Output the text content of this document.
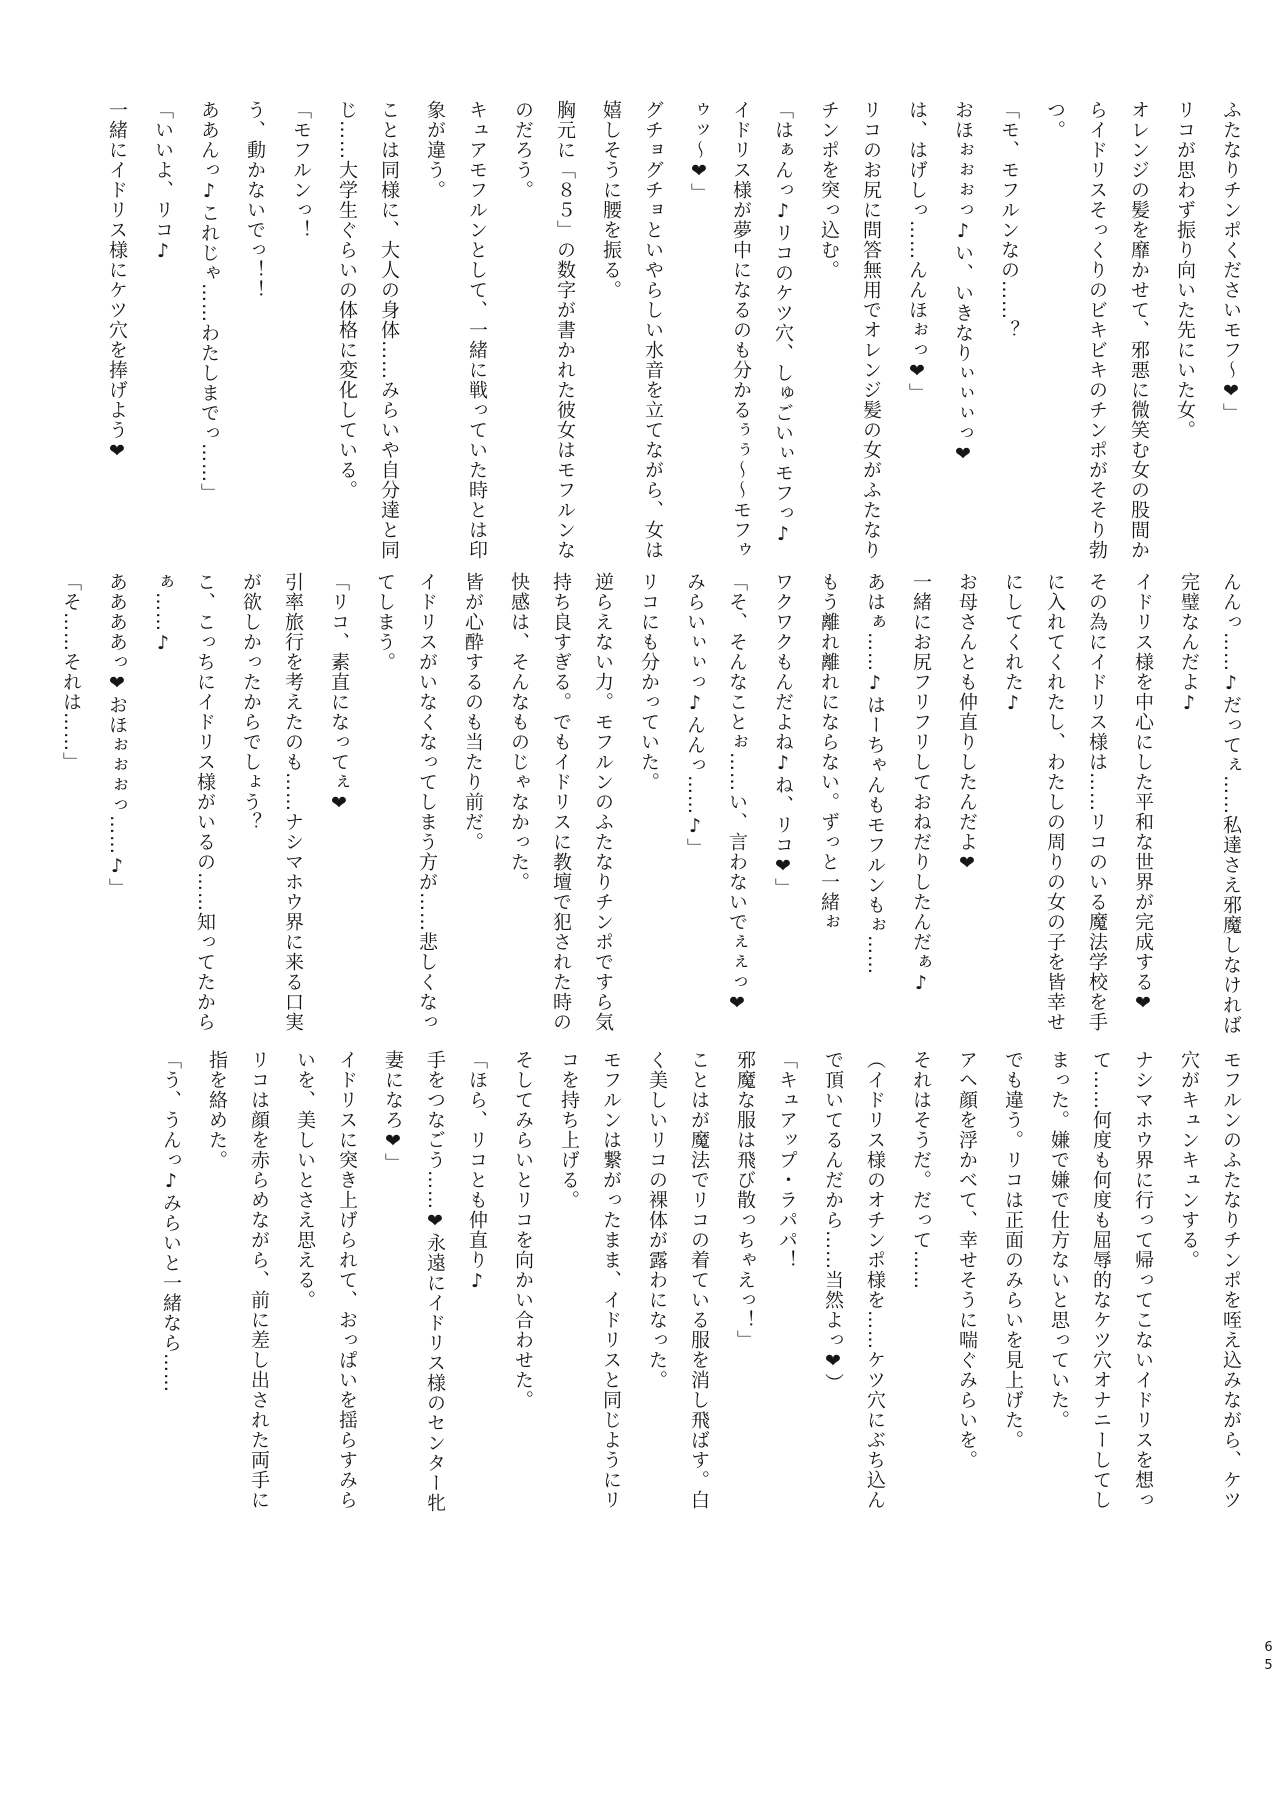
ふたなりチンポくださいモフ～❤」
リコが思わず振り向いた先にいた女。
オレンジの髪を靡かせて、邪悪に微笑む女の股間か
らイドリスそっくりのビキビキのチンポがそそり勃
つ。
「モ、モフルンなの……？
おほぉぉぉっ♪い、いきなりぃぃぃっ❤
は、はげしっ……んんほぉっ❤」
リコのお尻に問答無用でオレンジ髪の女がふたなり
チンポを突っ込む。
「はぁんっ♪リコのケツ穴、しゅごいぃモフっ♪
イドリス様が夢中になるのも分かるぅぅ～～モフゥ
ゥッ～❤」
グチョグチョといやらしい水音を立てながら、女は
嬉しそうに腰を振る。
胸元に「８５」の数字が書かれた彼女はモフルンな
のだろう。
キュアモフルンとして、一緒に戦っていた時とは印
象が違う。
ことは同様に、大人の身体……みらいや自分達と同
じ……大学生ぐらいの体格に変化している。
「モフルンっ！
う、動かないでっ！！
ああんっ♪これじゃ……わたしまでっ……」
「いいよ、リコ♪
一緒にイドリス様にケツ穴を捧げよう❤
んんっ……♪だってぇ……私達さえ邪魔しなければ
完璧なんだよ♪
イドリス様を中心にした平和な世界が完成する❤
その為にイドリス様は……リコのいる魔法学校を手
に入れてくれたし、わたしの周りの女の子を皆幸せ
にしてくれた♪
お母さんとも仲直りしたんだよ❤
一緒にお尻フリフリしておねだりしたんだぁ♪
あはぁ……♪はーちゃんもモフルンもぉ……
もう離れ離れにならない。ずっと一緒ぉ
ワクワクもんだよね♪ね、リコ❤」
「そ、そんなことぉ……い、言わないでぇぇっ❤
みらいぃぃっ♪んんっ……♪」
リコにも分かっていた。
逆らえない力。モフルンのふたなりチンポですら気
持ち良すぎる。でもイドリスに教壇で犯された時の
快感は、そんなものじゃなかった。
皆が心酔するのも当たり前だ。
イドリスがいなくなってしまう方が……悲しくなっ
てしまう。
「リコ、素直になってぇ❤
引率旅行を考えたのも……ナシマホウ界に来る口実
が欲しかったからでしょう？
こ、こっちにイドリス様がいるの……知ってたから
ぁ……♪
ああああっ❤おほぉぉぉっ……♪」
「そ……それは……」
モフルンのふたなりチンポを咥え込みながら、ケツ
穴がキュンキュンする。
ナシマホウ界に行って帰ってこないイドリスを想っ
て……何度も何度も屈辱的なケツ穴オナニーしてし
まった。嫌で嫌で仕方ないと思っていた。
でも違う。リコは正面のみらいを見上げた。
アヘ顔を浮かべて、幸せそうに喘ぐみらいを。
それはそうだ。だって……
（イドリス様のオチンポ様を……ケツ穴にぶち込ん
で頂いてるんだから……当然よっ❤）
「キュアップ・ラパパ！
邪魔な服は飛び散っちゃえっ！」
ことはが魔法でリコの着ている服を消し飛ばす。白
く美しいリコの裸体が露わになった。
モフルンは繋がったまま、イドリスと同じようにリ
コを持ち上げる。
そしてみらいとリコを向かい合わせた。
「ほら、リコとも仲直り♪
手をつなごう……❤永遠にイドリス様のセンター牝
妻になろ❤」
イドリスに突き上げられて、おっぱいを揺らすみら
いを、美しいとさえ思える。
リコは顔を赤らめながら、前に差し出された両手に
指を絡めた。
「う、うんっ♪みらいと一緒なら……
65
